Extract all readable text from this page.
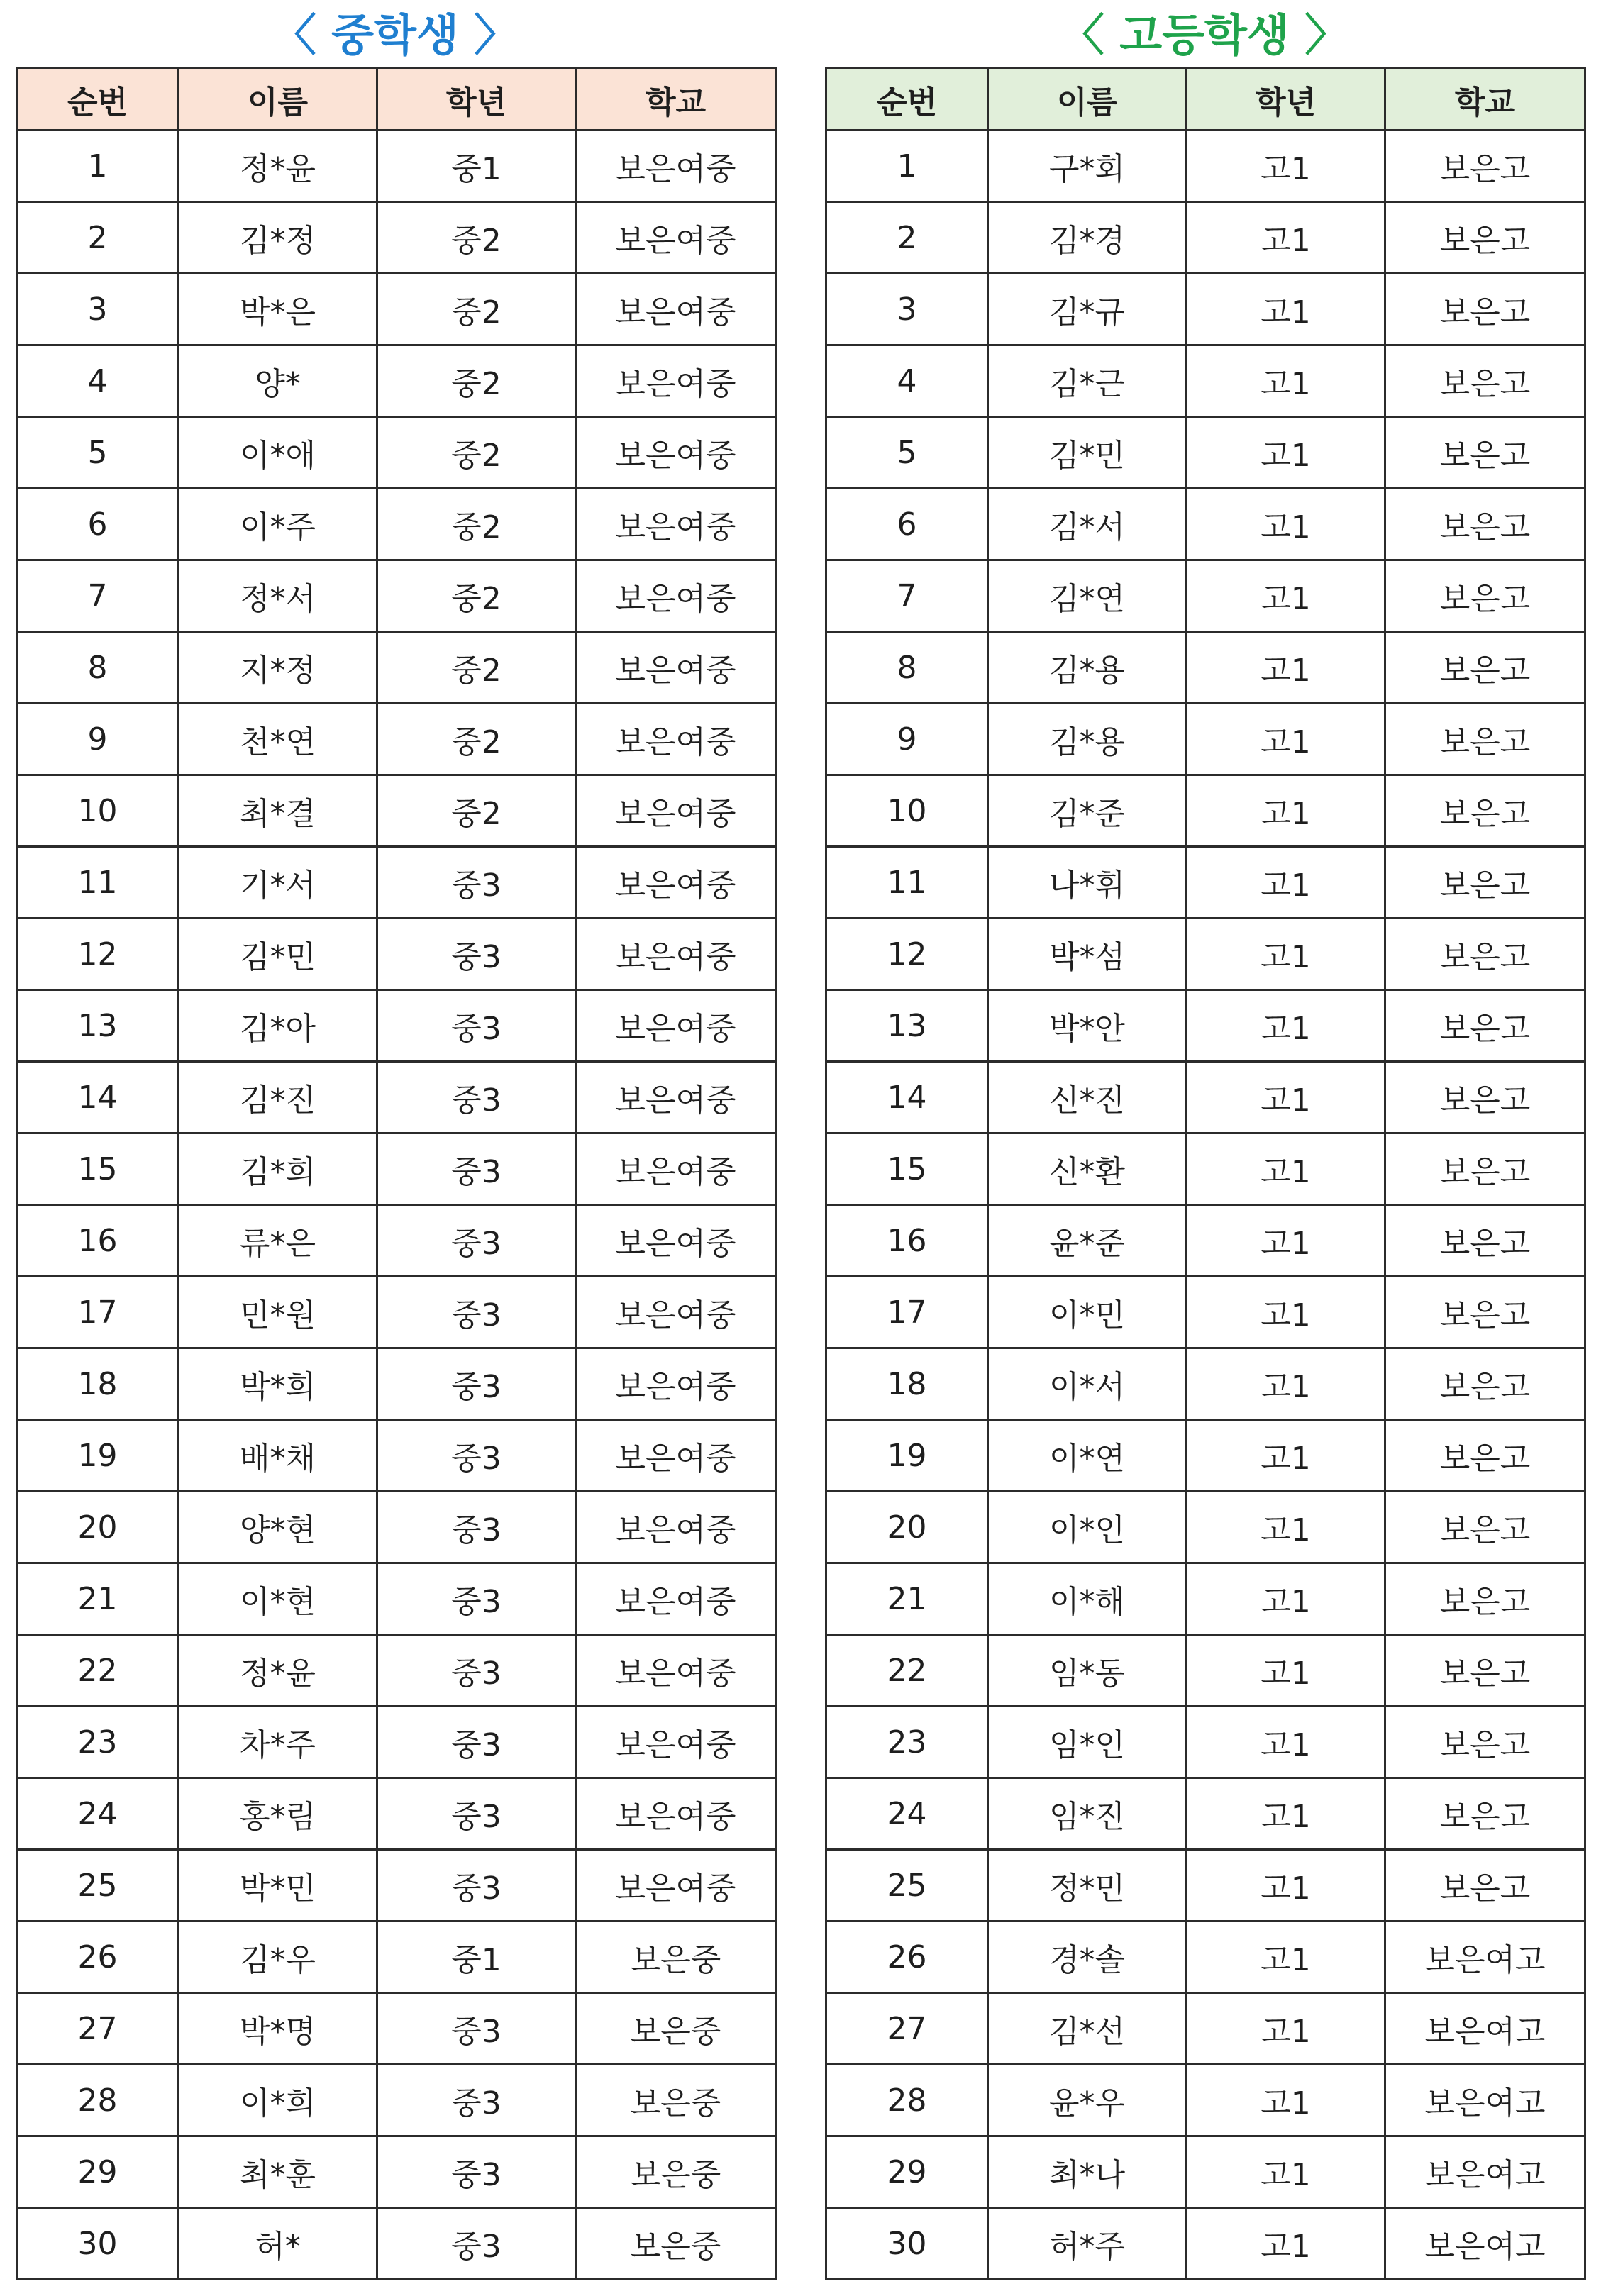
〈 중학생 〉
순번	이름	학년	학교
1	정*윤	중1	보은여중
2	김*정	중2	보은여중
3	박*은	중2	보은여중
4	양*	중2	보은여중
5	이*애	중2	보은여중
6	이*주	중2	보은여중
7	정*서	중2	보은여중
8	지*정	중2	보은여중
9	천*연	중2	보은여중
10	최*결	중2	보은여중
11	기*서	중3	보은여중
12	김*민	중3	보은여중
13	김*아	중3	보은여중
14	김*진	중3	보은여중
15	김*희	중3	보은여중
16	류*은	중3	보은여중
17	민*원	중3	보은여중
18	박*희	중3	보은여중
19	배*채	중3	보은여중
20	양*현	중3	보은여중
21	이*현	중3	보은여중
22	정*윤	중3	보은여중
23	차*주	중3	보은여중
24	홍*림	중3	보은여중
25	박*민	중3	보은여중
26	김*우	중1	보은중
27	박*명	중3	보은중
28	이*희	중3	보은중
29	최*훈	중3	보은중
30	허*	중3	보은중
〈 고등학생 〉
순번	이름	학년	학교
1	구*회	고1	보은고
2	김*경	고1	보은고
3	김*규	고1	보은고
4	김*근	고1	보은고
5	김*민	고1	보은고
6	김*서	고1	보은고
7	김*연	고1	보은고
8	김*용	고1	보은고
9	김*용	고1	보은고
10	김*준	고1	보은고
11	나*휘	고1	보은고
12	박*섬	고1	보은고
13	박*안	고1	보은고
14	신*진	고1	보은고
15	신*환	고1	보은고
16	윤*준	고1	보은고
17	이*민	고1	보은고
18	이*서	고1	보은고
19	이*연	고1	보은고
20	이*인	고1	보은고
21	이*해	고1	보은고
22	임*동	고1	보은고
23	임*인	고1	보은고
24	임*진	고1	보은고
25	정*민	고1	보은고
26	경*솔	고1	보은여고
27	김*선	고1	보은여고
28	윤*우	고1	보은여고
29	최*나	고1	보은여고
30	허*주	고1	보은여고
